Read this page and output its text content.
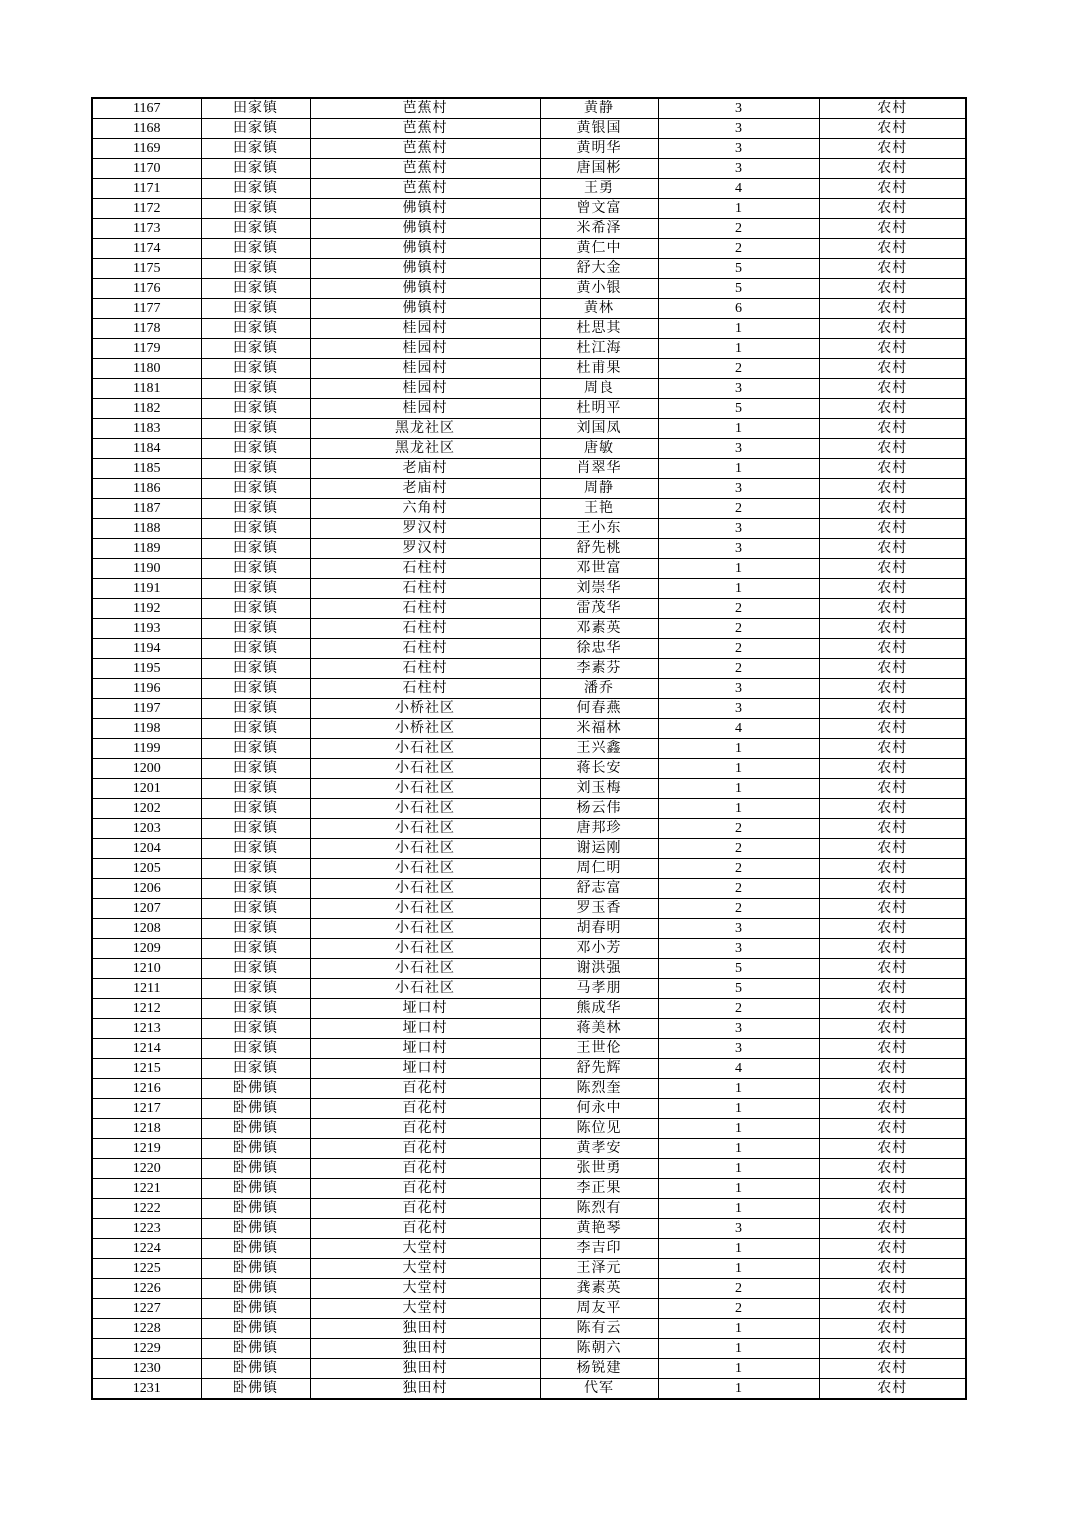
1167	田家镇	芭蕉村	黄静	3	农村
1168	田家镇	芭蕉村	黄银国	3	农村
1169	田家镇	芭蕉村	黄明华	3	农村
1170	田家镇	芭蕉村	唐国彬	3	农村
1171	田家镇	芭蕉村	王勇	4	农村
1172	田家镇	佛镇村	曾文富	1	农村
1173	田家镇	佛镇村	米希泽	2	农村
1174	田家镇	佛镇村	黄仁中	2	农村
1175	田家镇	佛镇村	舒大金	5	农村
1176	田家镇	佛镇村	黄小银	5	农村
1177	田家镇	佛镇村	黄林	6	农村
1178	田家镇	桂园村	杜思其	1	农村
1179	田家镇	桂园村	杜江海	1	农村
1180	田家镇	桂园村	杜甫果	2	农村
1181	田家镇	桂园村	周良	3	农村
1182	田家镇	桂园村	杜明平	5	农村
1183	田家镇	黑龙社区	刘国凤	1	农村
1184	田家镇	黑龙社区	唐敏	3	农村
1185	田家镇	老庙村	肖翠华	1	农村
1186	田家镇	老庙村	周静	3	农村
1187	田家镇	六角村	王艳	2	农村
1188	田家镇	罗汉村	王小东	3	农村
1189	田家镇	罗汉村	舒先桃	3	农村
1190	田家镇	石柱村	邓世富	1	农村
1191	田家镇	石柱村	刘崇华	1	农村
1192	田家镇	石柱村	雷茂华	2	农村
1193	田家镇	石柱村	邓素英	2	农村
1194	田家镇	石柱村	徐忠华	2	农村
1195	田家镇	石柱村	李素芬	2	农村
1196	田家镇	石柱村	潘乔	3	农村
1197	田家镇	小桥社区	何春燕	3	农村
1198	田家镇	小桥社区	米福林	4	农村
1199	田家镇	小石社区	王兴鑫	1	农村
1200	田家镇	小石社区	蒋长安	1	农村
1201	田家镇	小石社区	刘玉梅	1	农村
1202	田家镇	小石社区	杨云伟	1	农村
1203	田家镇	小石社区	唐邦珍	2	农村
1204	田家镇	小石社区	谢运刚	2	农村
1205	田家镇	小石社区	周仁明	2	农村
1206	田家镇	小石社区	舒志富	2	农村
1207	田家镇	小石社区	罗玉香	2	农村
1208	田家镇	小石社区	胡春明	3	农村
1209	田家镇	小石社区	邓小芳	3	农村
1210	田家镇	小石社区	谢洪强	5	农村
1211	田家镇	小石社区	马孝朋	5	农村
1212	田家镇	垭口村	熊成华	2	农村
1213	田家镇	垭口村	蒋美林	3	农村
1214	田家镇	垭口村	王世伦	3	农村
1215	田家镇	垭口村	舒先辉	4	农村
1216	卧佛镇	百花村	陈烈奎	1	农村
1217	卧佛镇	百花村	何永中	1	农村
1218	卧佛镇	百花村	陈位见	1	农村
1219	卧佛镇	百花村	黄孝安	1	农村
1220	卧佛镇	百花村	张世勇	1	农村
1221	卧佛镇	百花村	李正果	1	农村
1222	卧佛镇	百花村	陈烈有	1	农村
1223	卧佛镇	百花村	黄艳琴	3	农村
1224	卧佛镇	大堂村	李吉印	1	农村
1225	卧佛镇	大堂村	王泽元	1	农村
1226	卧佛镇	大堂村	龚素英	2	农村
1227	卧佛镇	大堂村	周友平	2	农村
1228	卧佛镇	独田村	陈有云	1	农村
1229	卧佛镇	独田村	陈朝六	1	农村
1230	卧佛镇	独田村	杨锐建	1	农村
1231	卧佛镇	独田村	代军	1	农村
